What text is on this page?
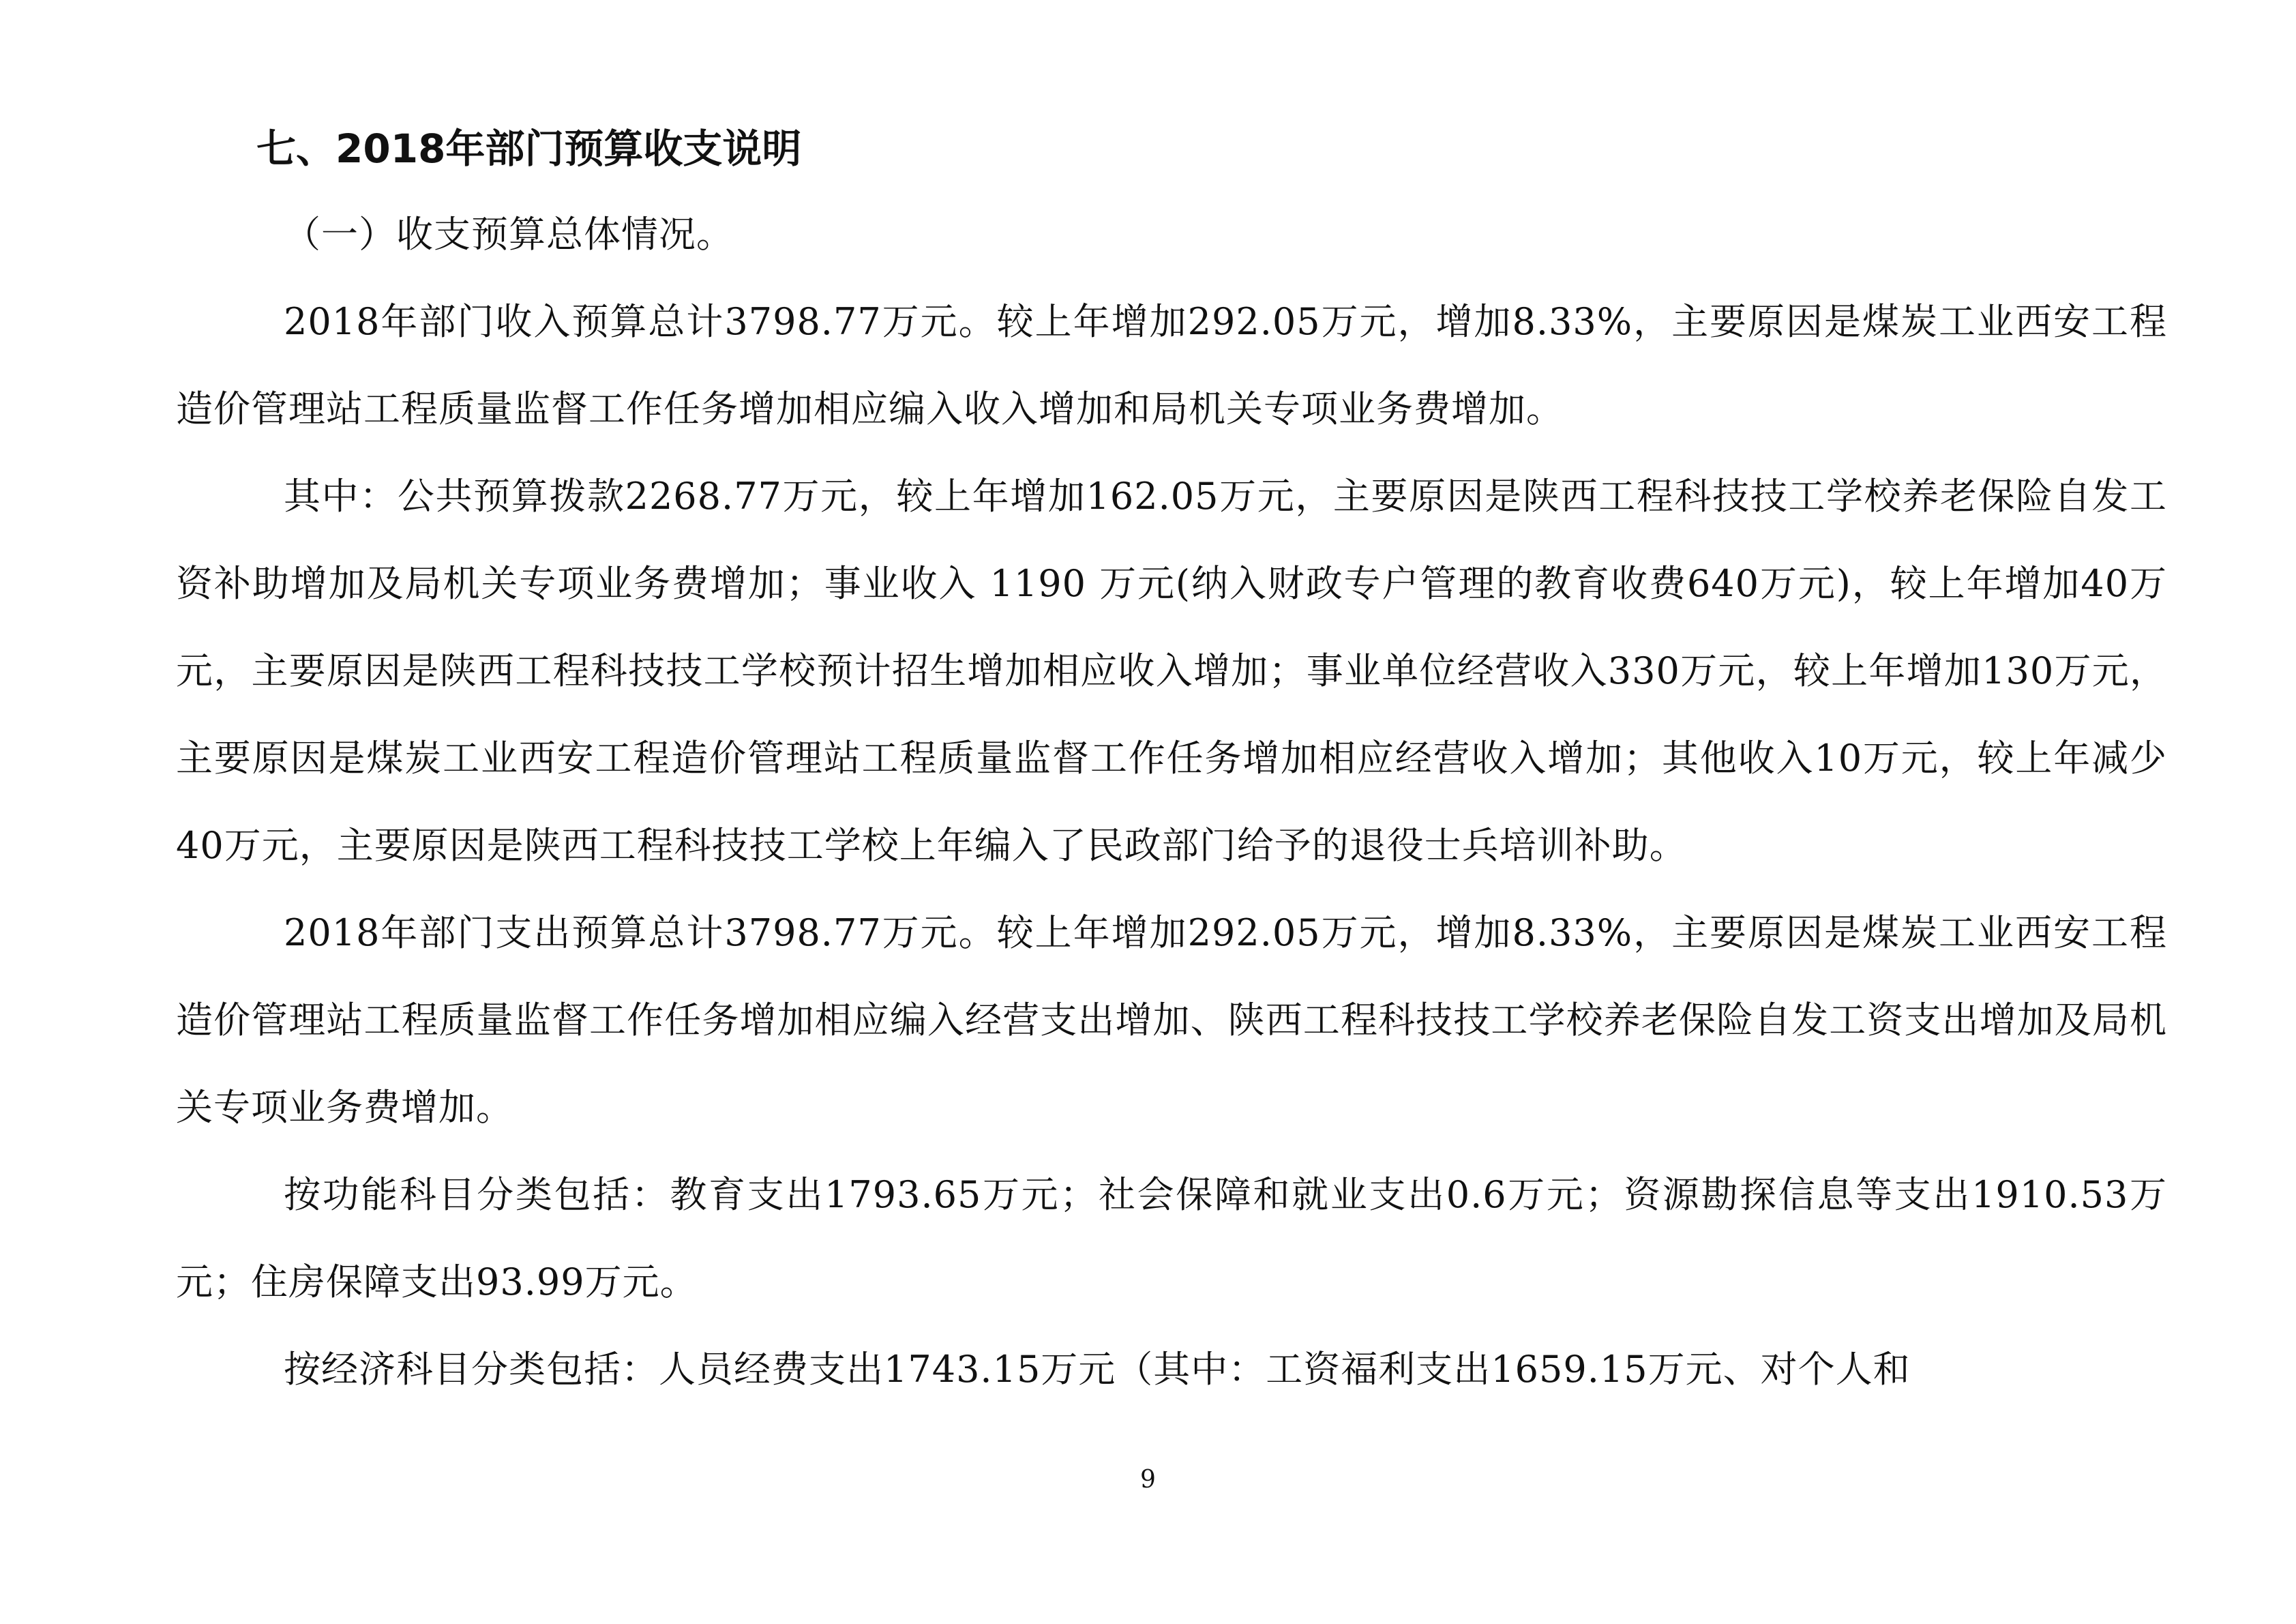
七、2018年部门预算收支说明

（一）收支预算总体情况。

2018年部门收入预算总计3798.77万元。较上年增加292.05万元，增加8.33%，主要原因是煤炭工业西安工程造价管理站工程质量监督工作任务增加相应编入收入增加和局机关专项业务费增加。

其中：公共预算拨款2268.77万元，较上年增加162.05万元，主要原因是陕西工程科技技工学校养老保险自发工资补助增加及局机关专项业务费增加；事业收入 1190 万元(纳入财政专户管理的教育收费640万元)，较上年增加40万元，主要原因是陕西工程科技技工学校预计招生增加相应收入增加；事业单位经营收入330万元，较上年增加130万元，主要原因是煤炭工业西安工程造价管理站工程质量监督工作任务增加相应经营收入增加；其他收入10万元，较上年减少40万元，主要原因是陕西工程科技技工学校上年编入了民政部门给予的退役士兵培训补助。

2018年部门支出预算总计3798.77万元。较上年增加292.05万元，增加8.33%，主要原因是煤炭工业西安工程造价管理站工程质量监督工作任务增加相应编入经营支出增加、陕西工程科技技工学校养老保险自发工资支出增加及局机关专项业务费增加。

按功能科目分类包括：教育支出1793.65万元；社会保障和就业支出0.6万元；资源勘探信息等支出1910.53万元；住房保障支出93.99万元。

按经济科目分类包括：人员经费支出1743.15万元（其中：工资福利支出1659.15万元、对个人和

9
